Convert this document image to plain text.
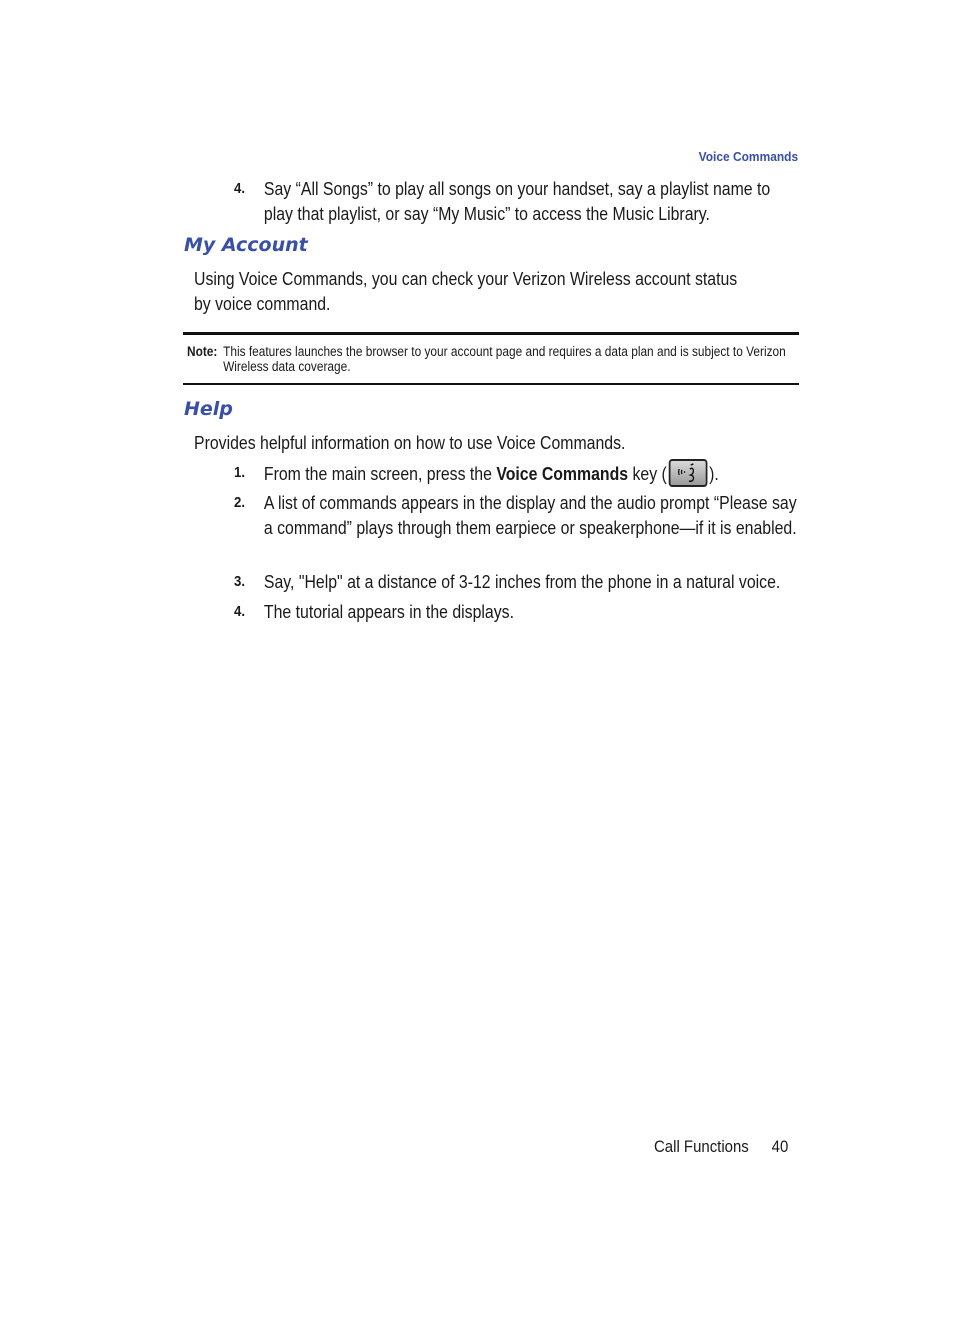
Voice Commands
4. Say “All Songs” to play all songs on your handset, say a playlist name to play that playlist, or say “My Music” to access the Music Library.
My Account
Using Voice Commands, you can check your Verizon Wireless account status by voice command.
Note: This features launches the browser to your account page and requires a data plan and is subject to Verizon Wireless data coverage.
Help
Provides helpful information on how to use Voice Commands.
1. From the main screen, press the Voice Commands key ( ).
2. A list of commands appears in the display and the audio prompt “Please say a command” plays through them earpiece or speakerphone—if it is enabled.
3. Say, "Help" at a distance of 3-12 inches from the phone in a natural voice.
4. The tutorial appears in the displays.
Call Functions 40
